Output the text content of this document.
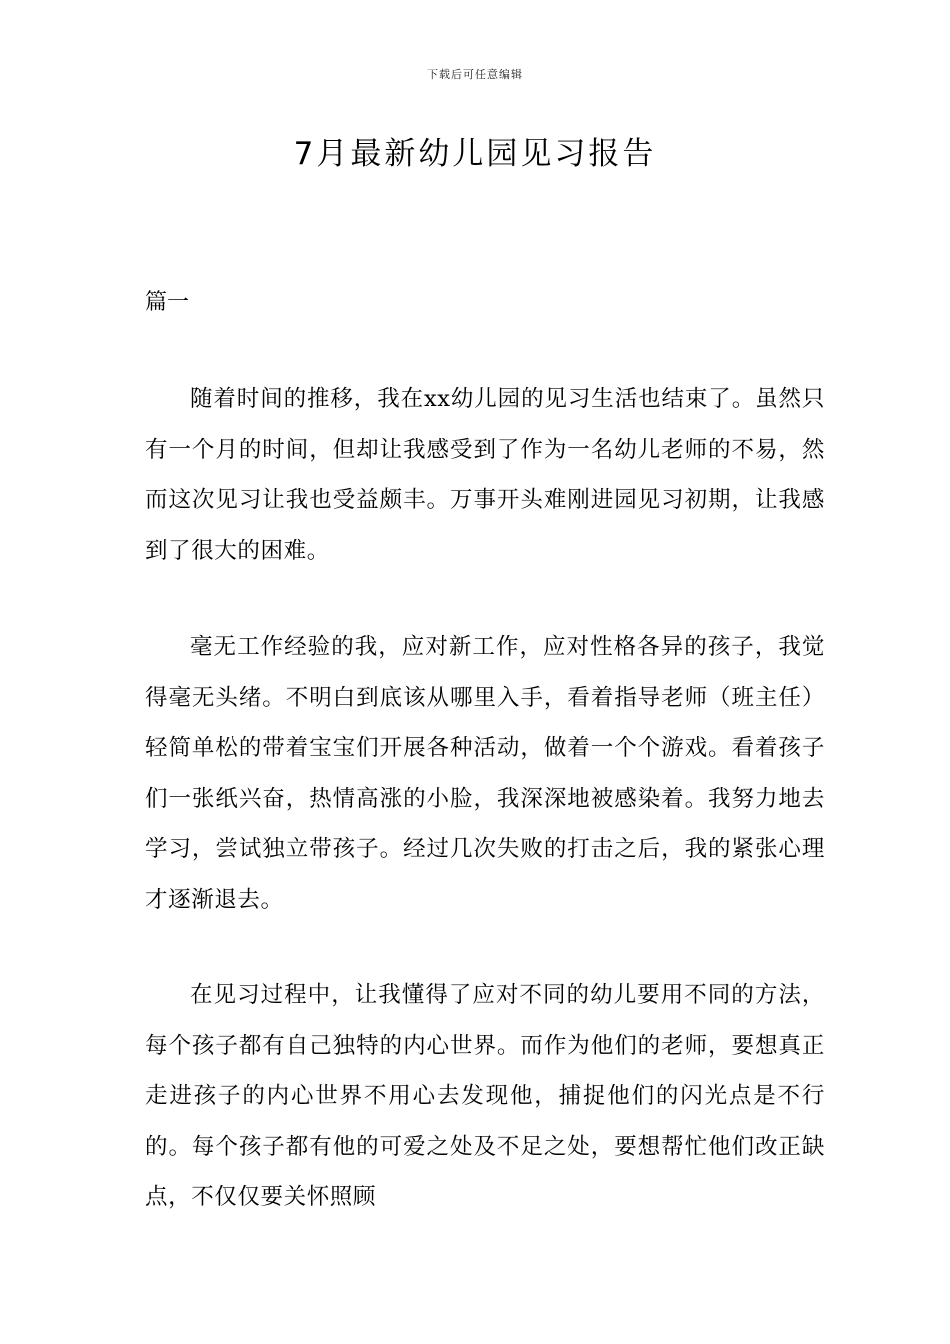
下载后可任意编辑
7月最新幼儿园见习报告
篇一

随着时间的推移，我在xx幼儿园的见习生活也结束了。虽然只有一个月的时间，但却让我感受到了作为一名幼儿老师的不易，然而这次见习让我也受益颇丰。万事开头难刚进园见习初期，让我感到了很大的困难。

毫无工作经验的我，应对新工作，应对性格各异的孩子，我觉得毫无头绪。不明白到底该从哪里入手，看着指导老师（班主任）轻简单松的带着宝宝们开展各种活动，做着一个个游戏。看着孩子们一张纸兴奋，热情高涨的小脸，我深深地被感染着。我努力地去学习，尝试独立带孩子。经过几次失败的打击之后，我的紧张心理才逐渐退去。

在见习过程中，让我懂得了应对不同的幼儿要用不同的方法，每个孩子都有自己独特的内心世界。而作为他们的老师，要想真正走进孩子的内心世界不用心去发现他，捕捉他们的闪光点是不行的。每个孩子都有他的可爱之处及不足之处，要想帮忙他们改正缺点，不仅仅要关怀照顾
